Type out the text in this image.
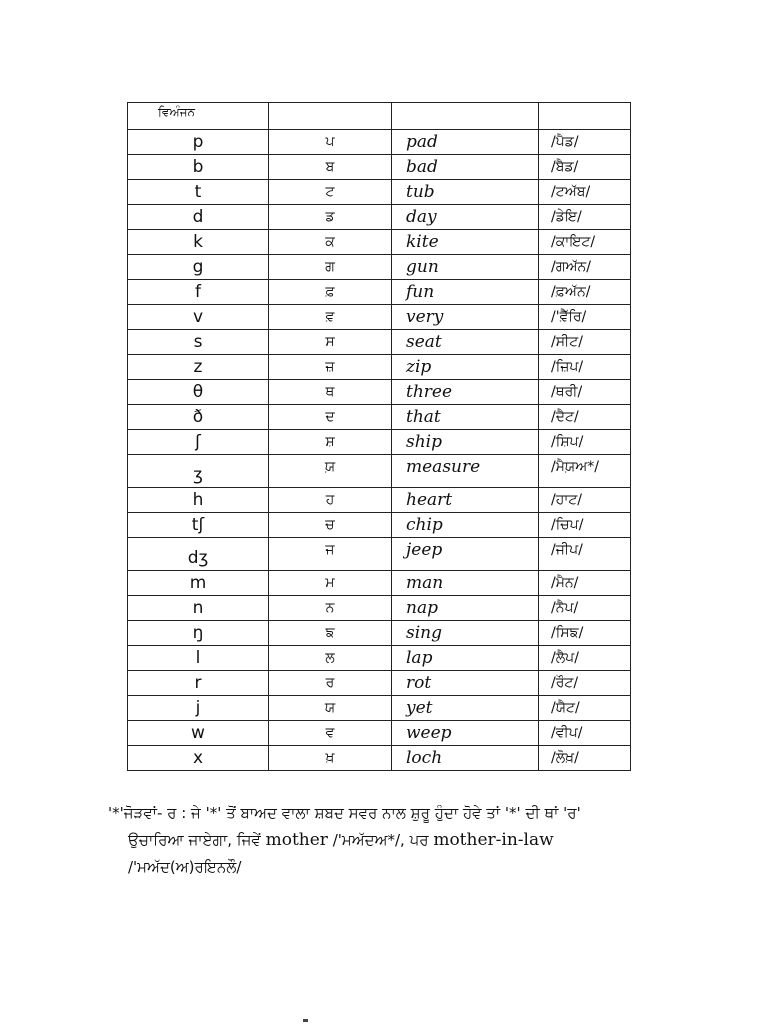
ਵਿਅੰਜਨ			
p	ਪ	pad	/ਪੈਡ/
b	ਬ	bad	/ਬੈਡ/
t	ਟ	tub	/ਟਅੱਬ/
d	ਡ	day	/ਡੇਇ/
k	ਕ	kite	/ਕਾਇਟ/
g	ਗ	gun	/ਗਅੱਨ/
f	ਫ਼	fun	/ਫ਼ਅੱਨ/
v	ਵ਼	very	/'ਵ਼ੈੱਰਿ/
s	ਸ	seat	/ਸੀਟ/
z	ਜ਼	zip	/ਜ਼ਿਪ/
θ	ਥ	three	/ਥਰੀ/
ð	ਦ	that	/ਦੈਟ/
ʃ	ਸ਼	ship	/ਸ਼ਿਪ/
ʒ	ਯ਼	measure	/ਮੈਯ਼ਅ*/
h	ਹ	heart	/ਹਾਟ/
tʃ	ਚ	chip	/ਚਿਪ/
dʒ	ਜ	jeep	/ਜੀਪ/
m	ਮ	man	/ਮੈਨ/
n	ਨ	nap	/ਨੈਪ/
ŋ	ਙ	sing	/ਸਿਙ/
l	ਲ	lap	/ਲੈਪ/
r	ਰ	rot	/ਰੌਟ/
j	ਯ	yet	/ਯੈਟ/
w	ਵ	weep	/ਵੀਪ/
x	ਖ਼	loch	/ਲੋਖ਼/

'*'ਜੋੜਵਾਂ- ਰ : ਜੇ '*' ਤੋਂ ਬਾਅਦ ਵਾਲਾ ਸ਼ਬਦ ਸਵਰ ਨਾਲ ਸ਼ੁਰੂ ਹੁੰਦਾ ਹੋਵੇ ਤਾਂ '*' ਦੀ ਥਾਂ 'ਰ'

ਉਚਾਰਿਆ ਜਾਏਗਾ, ਜਿਵੇਂ mother /'ਮਅੱਦਅ*/, ਪਰ mother-in-law

/'ਮਅੱਦ(ਅ)ਰਇਨਲੌ/
